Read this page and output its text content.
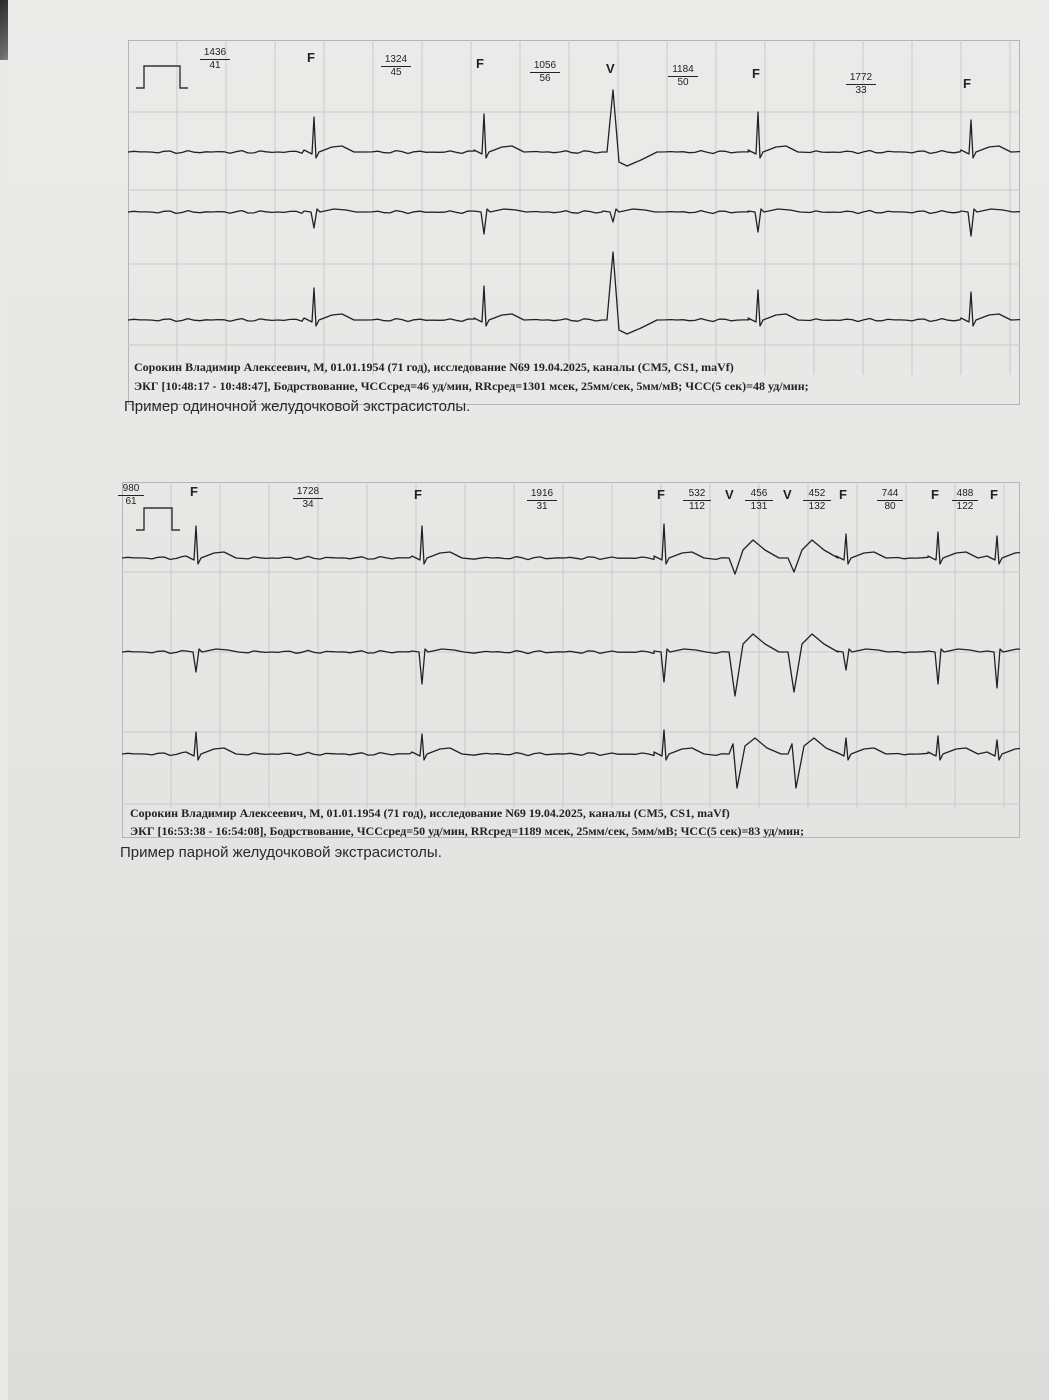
$\frac{1436}{41}$	$\frac{1324}{45}$	$\frac{1056}{56}$	$\frac{1184}{50}$	$\frac{1772}{33}$
F	F	V	F
F
Сорокин Владимир Алексеевич, М, 01.01.1954 (71 год), исследование N69 19.04.2025, каналы (CM5, CS1, maVf)
ЭКГ [10:48:17 - 10:48:47], Бодрствование, ЧССсред=46 уд/мин, RRсред=1301 мсек, 25мм/сек, 5мм/мВ; ЧСС(5 сек)=48 уд/мин;
Пример одиночной желудочковой экстрасистолы.
$\frac{980}{61}$	$\frac{1728}{34}$	$\frac{1916}{31}$	$\frac{532}{112}$	$\frac{456}{131}$	$\frac{452}{132}$	$\frac{744}{80}$	$\frac{488}{122}$
F	F	F	V	V	F	F	F
Сорокин Владимир Алексеевич, М, 01.01.1954 (71 год), исследование N69 19.04.2025, каналы (CM5, CS1, maVf)
ЭКГ [16:53:38 - 16:54:08], Бодрствование, ЧССсред=50 уд/мин, RRсред=1189 мсек, 25мм/сек, 5мм/мВ; ЧСС(5 сек)=83 уд/мин;
Пример парной желудочковой экстрасистолы.
